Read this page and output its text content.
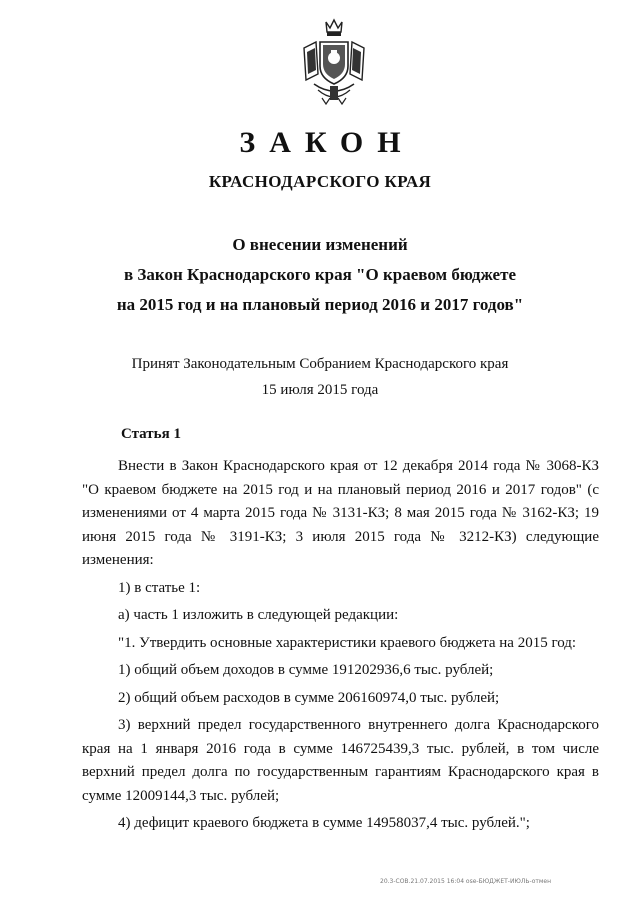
ЗАКОН
КРАСНОДАРСКОГО КРАЯ
О внесении изменений
в Закон Краснодарского края "О краевом бюджете
на 2015 год и на плановый период 2016 и 2017 годов"
Принят Законодательным Собранием Краснодарского края
15 июля 2015 года
Статья 1

Внести в Закон Краснодарского края от 12 декабря 2014 года № 3068-КЗ "О краевом бюджете на 2015 год и на плановый период 2016 и 2017 годов" (с изменениями от 4 марта 2015 года № 3131-КЗ; 8 мая 2015 года № 3162-КЗ; 19 июня 2015 года № 3191-КЗ; 3 июля 2015 года № 3212-КЗ) следующие изменения:

1) в статье 1:

а) часть 1 изложить в следующей редакции:

"1. Утвердить основные характеристики краевого бюджета на 2015 год:

1) общий объем доходов в сумме 191202936,6 тыс. рублей;

2) общий объем расходов в сумме 206160974,0 тыс. рублей;

3) верхний предел государственного внутреннего долга Краснодарского края на 1 января 2016 года в сумме 146725439,3 тыс. рублей, в том числе верхний предел долга по государственным гарантиям Краснодарского края в сумме 12009144,3 тыс. рублей;

4) дефицит краевого бюджета в сумме 14958037,4 тыс. рублей.";

20.3-СОВ.21.07.2015 16:04 ose-БЮДЖЕТ-ИЮЛЬ-отмен
